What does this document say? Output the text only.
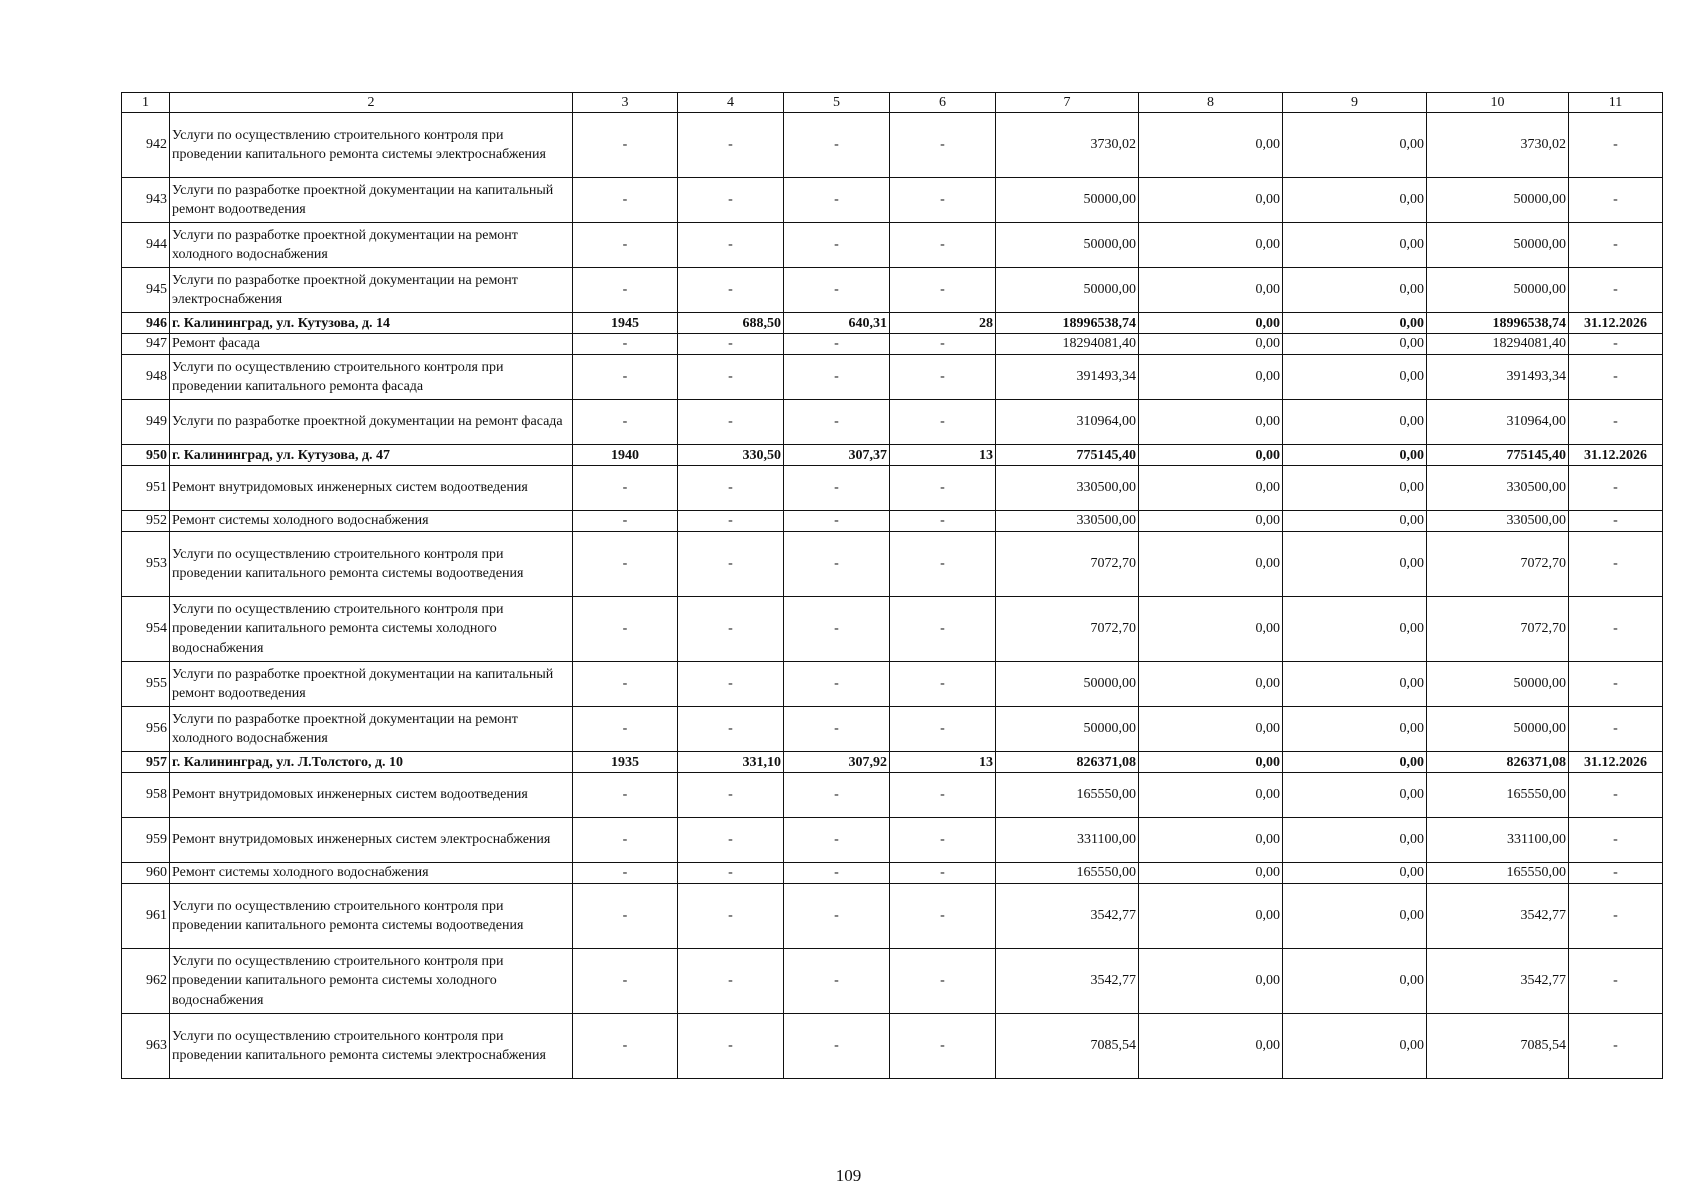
1	2	3	4	5	6	7	8	9	10	11
942	Услуги по осуществлению строительного контроля при проведении капитального ремонта системы электроснабжения	-	-	-	-	3730,02	0,00	0,00	3730,02	-
943	Услуги по разработке проектной документации на капитальный ремонт водоотведения	-	-	-	-	50000,00	0,00	0,00	50000,00	-
944	Услуги по разработке проектной документации на ремонт холодного водоснабжения	-	-	-	-	50000,00	0,00	0,00	50000,00	-
945	Услуги по разработке проектной документации на ремонт электроснабжения	-	-	-	-	50000,00	0,00	0,00	50000,00	-
946	г. Калининград, ул. Кутузова, д. 14	1945	688,50	640,31	28	18996538,74	0,00	0,00	18996538,74	31.12.2026
947	Ремонт фасада	-	-	-	-	18294081,40	0,00	0,00	18294081,40	-
948	Услуги по осуществлению строительного контроля при проведении капитального ремонта фасада	-	-	-	-	391493,34	0,00	0,00	391493,34	-
949	Услуги по разработке проектной документации на ремонт фасада	-	-	-	-	310964,00	0,00	0,00	310964,00	-
950	г. Калининград, ул. Кутузова, д. 47	1940	330,50	307,37	13	775145,40	0,00	0,00	775145,40	31.12.2026
951	Ремонт внутридомовых инженерных систем водоотведения	-	-	-	-	330500,00	0,00	0,00	330500,00	-
952	Ремонт системы холодного водоснабжения	-	-	-	-	330500,00	0,00	0,00	330500,00	-
953	Услуги по осуществлению строительного контроля при проведении капитального ремонта системы водоотведения	-	-	-	-	7072,70	0,00	0,00	7072,70	-
954	Услуги по осуществлению строительного контроля при проведении капитального ремонта системы холодного водоснабжения	-	-	-	-	7072,70	0,00	0,00	7072,70	-
955	Услуги по разработке проектной документации на капитальный ремонт водоотведения	-	-	-	-	50000,00	0,00	0,00	50000,00	-
956	Услуги по разработке проектной документации на ремонт холодного водоснабжения	-	-	-	-	50000,00	0,00	0,00	50000,00	-
957	г. Калининград, ул. Л.Толстого, д. 10	1935	331,10	307,92	13	826371,08	0,00	0,00	826371,08	31.12.2026
958	Ремонт внутридомовых инженерных систем водоотведения	-	-	-	-	165550,00	0,00	0,00	165550,00	-
959	Ремонт внутридомовых инженерных систем электроснабжения	-	-	-	-	331100,00	0,00	0,00	331100,00	-
960	Ремонт системы холодного водоснабжения	-	-	-	-	165550,00	0,00	0,00	165550,00	-
961	Услуги по осуществлению строительного контроля при проведении капитального ремонта системы водоотведения	-	-	-	-	3542,77	0,00	0,00	3542,77	-
962	Услуги по осуществлению строительного контроля при проведении капитального ремонта системы холодного водоснабжения	-	-	-	-	3542,77	0,00	0,00	3542,77	-
963	Услуги по осуществлению строительного контроля при проведении капитального ремонта системы электроснабжения	-	-	-	-	7085,54	0,00	0,00	7085,54	-
109
